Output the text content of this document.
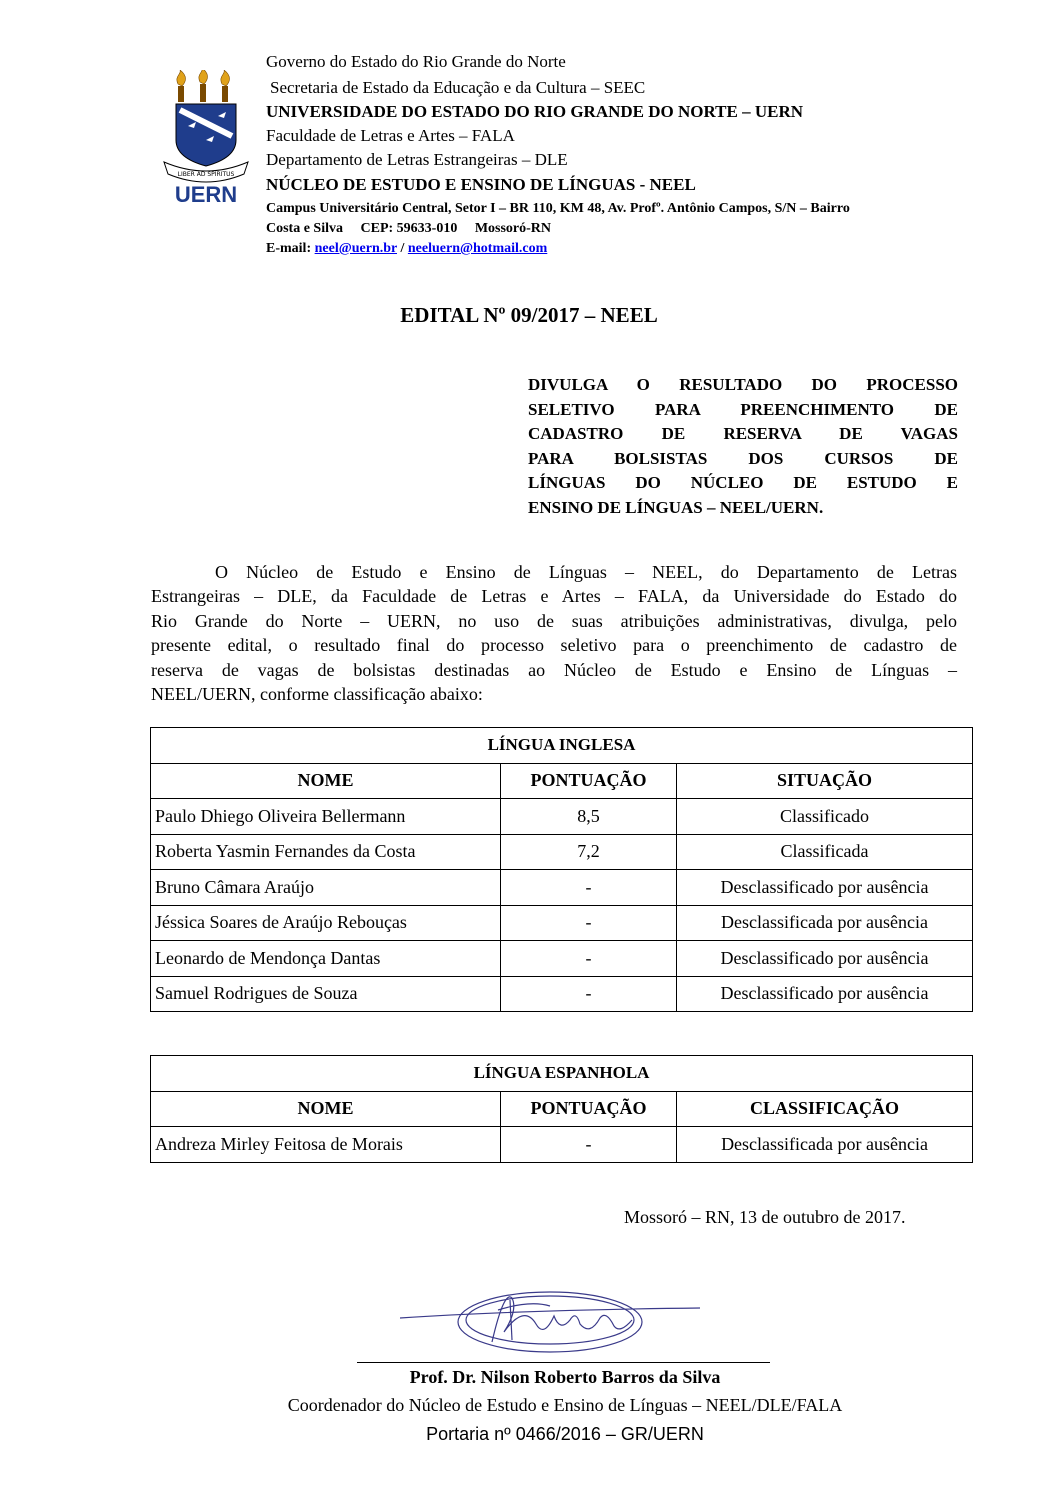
LIBER AD SPIRITUS
UERN
Governo do Estado do Rio Grande do Norte
Secretaria de Estado da Educação e da Cultura – SEEC
UNIVERSIDADE DO ESTADO DO RIO GRANDE DO NORTE – UERN
Faculdade de Letras e Artes – FALA
Departamento de Letras Estrangeiras – DLE
NÚCLEO DE ESTUDO E ENSINO DE LÍNGUAS - NEEL
Campus Universitário Central, Setor I – BR 110, KM 48, Av. Profº. Antônio Campos, S/N – Bairro
Costa e Silva     CEP: 59633-010     Mossoró-RN
E-mail: neel@uern.br / neeluern@hotmail.com
EDITAL Nº 09/2017 – NEEL
DIVULGA O RESULTADO DO PROCESSO
SELETIVO PARA PREENCHIMENTO DE
CADASTRO DE RESERVA DE VAGAS
PARA BOLSISTAS DOS CURSOS DE
LÍNGUAS DO NÚCLEO DE ESTUDO E
ENSINO DE LÍNGUAS – NEEL/UERN.
O Núcleo de Estudo e Ensino de Línguas – NEEL, do Departamento de Letras
Estrangeiras – DLE, da Faculdade de Letras e Artes – FALA, da Universidade do Estado do
Rio Grande do Norte – UERN, no uso de suas atribuições administrativas, divulga, pelo
presente edital, o resultado final do processo seletivo para o preenchimento de cadastro de
reserva de vagas de bolsistas destinadas ao Núcleo de Estudo e Ensino de Línguas –
NEEL/UERN, conforme classificação abaixo:
LÍNGUA INGLESA		
NOME	PONTUAÇÃO	SITUAÇÃO
Paulo Dhiego Oliveira Bellermann	8,5	Classificado
Roberta Yasmin Fernandes da Costa	7,2	Classificada
Bruno Câmara Araújo	-	Desclassificado por ausência
Jéssica Soares de Araújo Rebouças	-	Desclassificada por ausência
Leonardo de Mendonça Dantas	-	Desclassificado por ausência
Samuel Rodrigues de Souza	-	Desclassificado por ausência
LÍNGUA ESPANHOLA		
NOME	PONTUAÇÃO	CLASSIFICAÇÃO
Andreza Mirley Feitosa de Morais	-	Desclassificada por ausência
Mossoró – RN, 13 de outubro de 2017.
Prof. Dr. Nilson Roberto Barros da Silva
Coordenador do Núcleo de Estudo e Ensino de Línguas – NEEL/DLE/FALA
Portaria nº 0466/2016 – GR/UERN
